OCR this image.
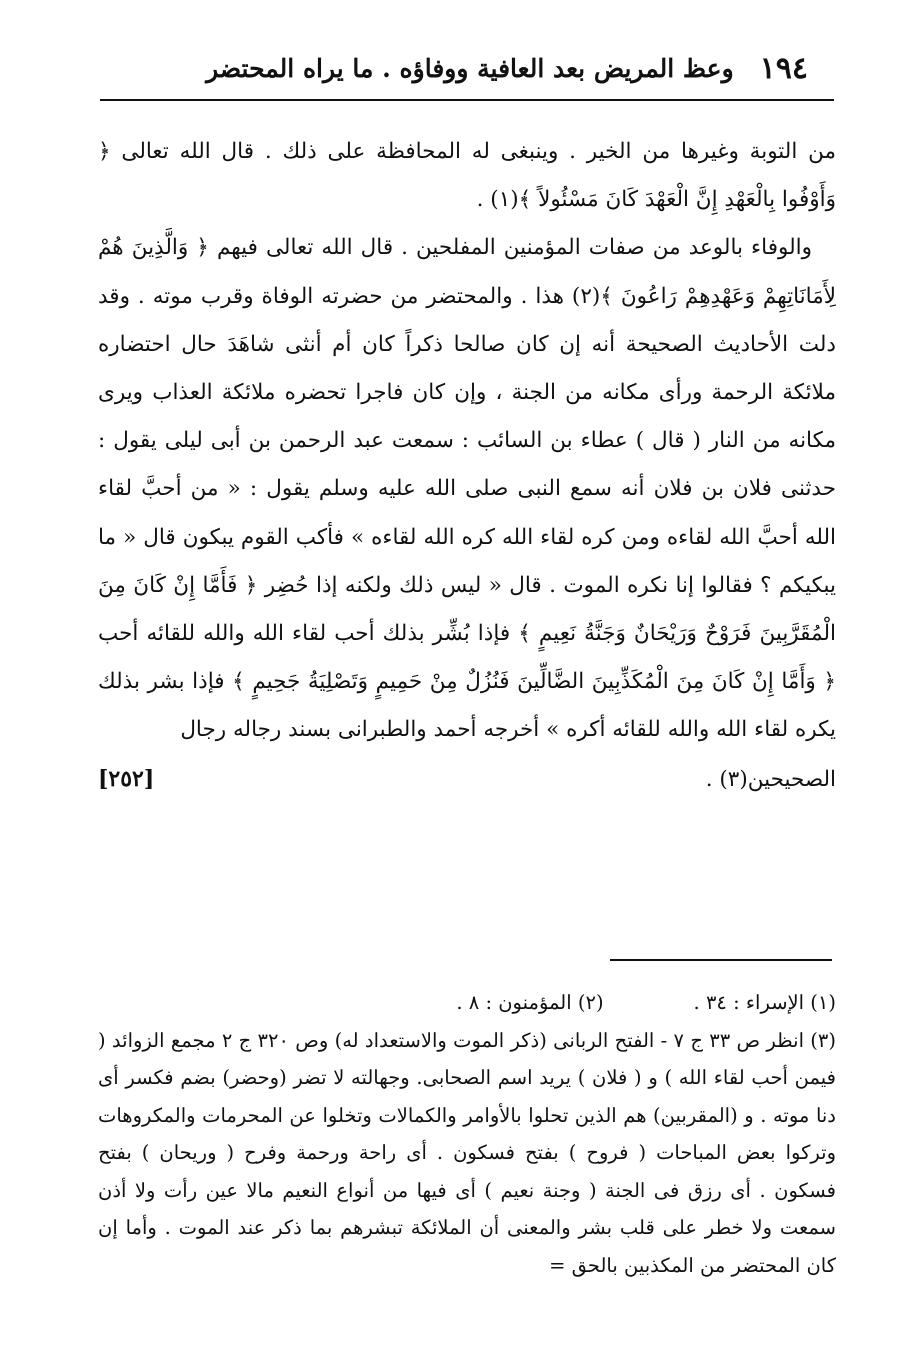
١٩٤
وعظ المريض بعد العافية ووفاؤه . ما يراه المحتضر

من التوبة وغيرها من الخير . وينبغى له المحافظة على ذلك . قال الله تعالى ﴿ وَأَوْفُوا بِالْعَهْدِ إِنَّ الْعَهْدَ كَانَ مَسْئُولاً ﴾(١) .

والوفاء بالوعد من صفات المؤمنين المفلحين . قال الله تعالى فيهم ﴿ وَالَّذِينَ هُمْ لِأَمَانَاتِهِمْ وَعَهْدِهِمْ رَاعُونَ ﴾(٢) هذا . والمحتضر من حضرته الوفاة وقرب موته . وقد دلت الأحاديث الصحيحة أنه إن كان صالحا ذكراً كان أم أنثى شاهَدَ حال احتضاره ملائكة الرحمة ورأى مكانه من الجنة ، وإن كان فاجرا تحضره ملائكة العذاب ويرى مكانه من النار ( قال ) عطاء بن السائب : سمعت عبد الرحمن بن أبى ليلى يقول : حدثنى فلان بن فلان أنه سمع النبى صلى الله عليه وسلم يقول : « من أحبَّ لقاء الله أحبَّ الله لقاءه ومن كره لقاء الله كره الله لقاءه » فأكب القوم يبكون قال « ما يبكيكم ؟ فقالوا إنا نكره الموت . قال « ليس ذلك ولكنه إذا حُضِر ﴿ فَأَمَّا إِنْ كَانَ مِنَ الْمُقَرَّبِينَ فَرَوْحٌ وَرَيْحَانٌ وَجَنَّةُ نَعِيمٍ ﴾ فإذا بُشِّر بذلك أحب لقاء الله والله للقائه أحب ﴿ وَأَمَّا إِنْ كَانَ مِنَ الْمُكَذِّبِينَ الضَّالِّينَ فَنُزُلٌ مِنْ حَمِيمٍ وَتَصْلِيَةُ جَحِيمٍ ﴾ فإذا بشر بذلك يكره لقاء الله والله للقائه أكره » أخرجه أحمد والطبرانى بسند رجاله رجال

الصحيحين(٣) .
[٢٥٢]
(١) الإسراء : ٣٤ .
(٢) المؤمنون : ٨ .

(٣) انظر ص ٣٣ ج ٧ - الفتح الربانى (ذكر الموت والاستعداد له) وص ٣٢٠ ج ٢ مجمع الزوائد ( فيمن أحب لقاء الله ) و ( فلان ) يريد اسم الصحابى. وجهالته لا تضر (وحضر) بضم فكسر أى دنا موته . و (المقربين) هم الذين تحلوا بالأوامر والكمالات وتخلوا عن المحرمات والمكروهات وتركوا بعض المباحات ( فروح ) بفتح فسكون . أى راحة ورحمة وفرح ( وريحان ) بفتح فسكون . أى رزق فى الجنة ( وجنة نعيم ) أى فيها من أنواع النعيم مالا عين رأت ولا أذن سمعت ولا خطر على قلب بشر والمعنى أن الملائكة تبشرهم بما ذكر عند الموت . وأما إن كان المحتضر من المكذبين بالحق =
